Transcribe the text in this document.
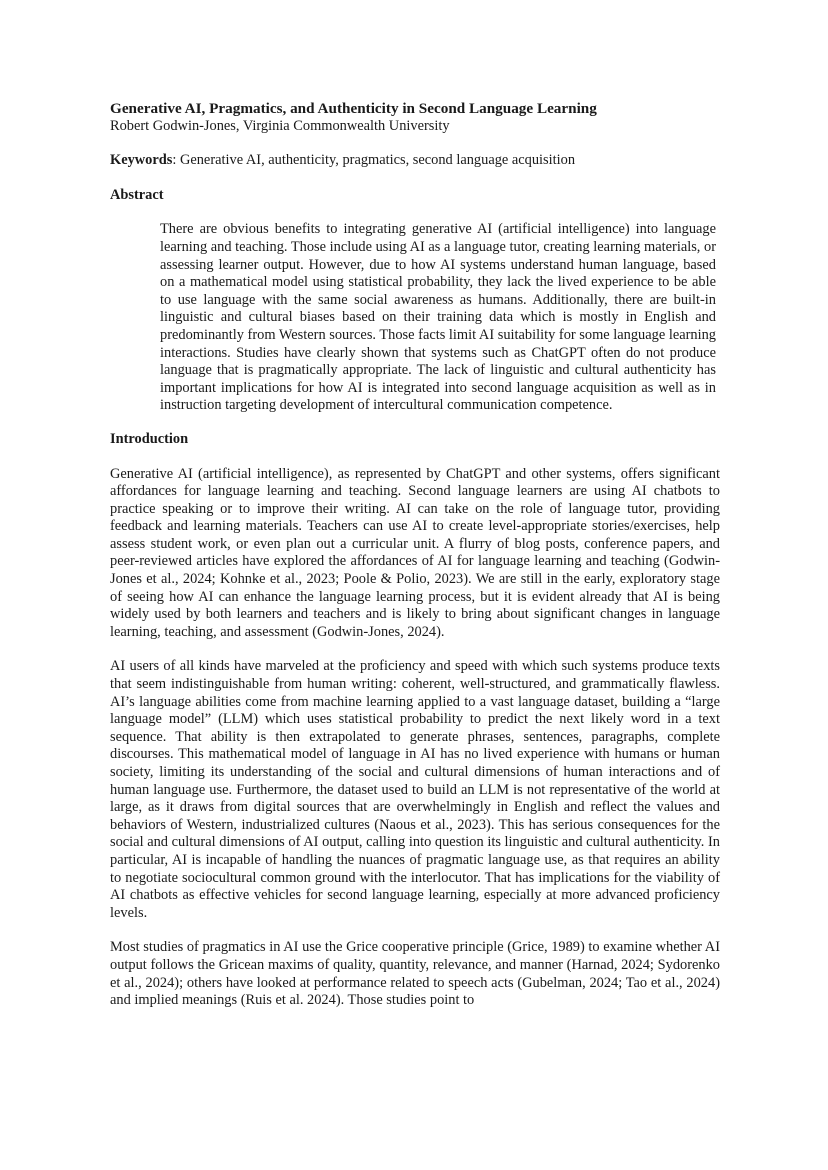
Generative AI, Pragmatics, and Authenticity in Second Language Learning

Robert Godwin-Jones, Virginia Commonwealth University

Keywords: Generative AI, authenticity, pragmatics, second language acquisition

Abstract

There are obvious benefits to integrating generative AI (artificial intelligence) into language learning and teaching. Those include using AI as a language tutor, creating learning materials, or assessing learner output. However, due to how AI systems understand human language, based on a mathematical model using statistical probability, they lack the lived experience to be able to use language with the same social awareness as humans. Additionally, there are built-in linguistic and cultural biases based on their training data which is mostly in English and predominantly from Western sources. Those facts limit AI suitability for some language learning interactions. Studies have clearly shown that systems such as ChatGPT often do not produce language that is pragmatically appropriate. The lack of linguistic and cultural authenticity has important implications for how AI is integrated into second language acquisition as well as in instruction targeting development of intercultural communication competence.

Introduction

Generative AI (artificial intelligence), as represented by ChatGPT and other systems, offers significant affordances for language learning and teaching. Second language learners are using AI chatbots to practice speaking or to improve their writing. AI can take on the role of language tutor, providing feedback and learning materials. Teachers can use AI to create level-appropriate stories/exercises, help assess student work, or even plan out a curricular unit. A flurry of blog posts, conference papers, and peer-reviewed articles have explored the affordances of AI for language learning and teaching (Godwin-Jones et al., 2024; Kohnke et al., 2023; Poole & Polio, 2023). We are still in the early, exploratory stage of seeing how AI can enhance the language learning process, but it is evident already that AI is being widely used by both learners and teachers and is likely to bring about significant changes in language learning, teaching, and assessment (Godwin-Jones, 2024).

AI users of all kinds have marveled at the proficiency and speed with which such systems produce texts that seem indistinguishable from human writing: coherent, well-structured, and grammatically flawless. AI’s language abilities come from machine learning applied to a vast language dataset, building a “large language model” (LLM) which uses statistical probability to predict the next likely word in a text sequence. That ability is then extrapolated to generate phrases, sentences, paragraphs, complete discourses. This mathematical model of language in AI has no lived experience with humans or human society, limiting its understanding of the social and cultural dimensions of human interactions and of human language use. Furthermore, the dataset used to build an LLM is not representative of the world at large, as it draws from digital sources that are overwhelmingly in English and reflect the values and behaviors of Western, industrialized cultures (Naous et al., 2023). This has serious consequences for the social and cultural dimensions of AI output, calling into question its linguistic and cultural authenticity. In particular, AI is incapable of handling the nuances of pragmatic language use, as that requires an ability to negotiate sociocultural common ground with the interlocutor. That has implications for the viability of AI chatbots as effective vehicles for second language learning, especially at more advanced proficiency levels.

Most studies of pragmatics in AI use the Grice cooperative principle (Grice, 1989) to examine whether AI output follows the Gricean maxims of quality, quantity, relevance, and manner (Harnad, 2024; Sydorenko et al., 2024); others have looked at performance related to speech acts (Gubelman, 2024; Tao et al., 2024) and implied meanings (Ruis et al. 2024). Those studies point to
